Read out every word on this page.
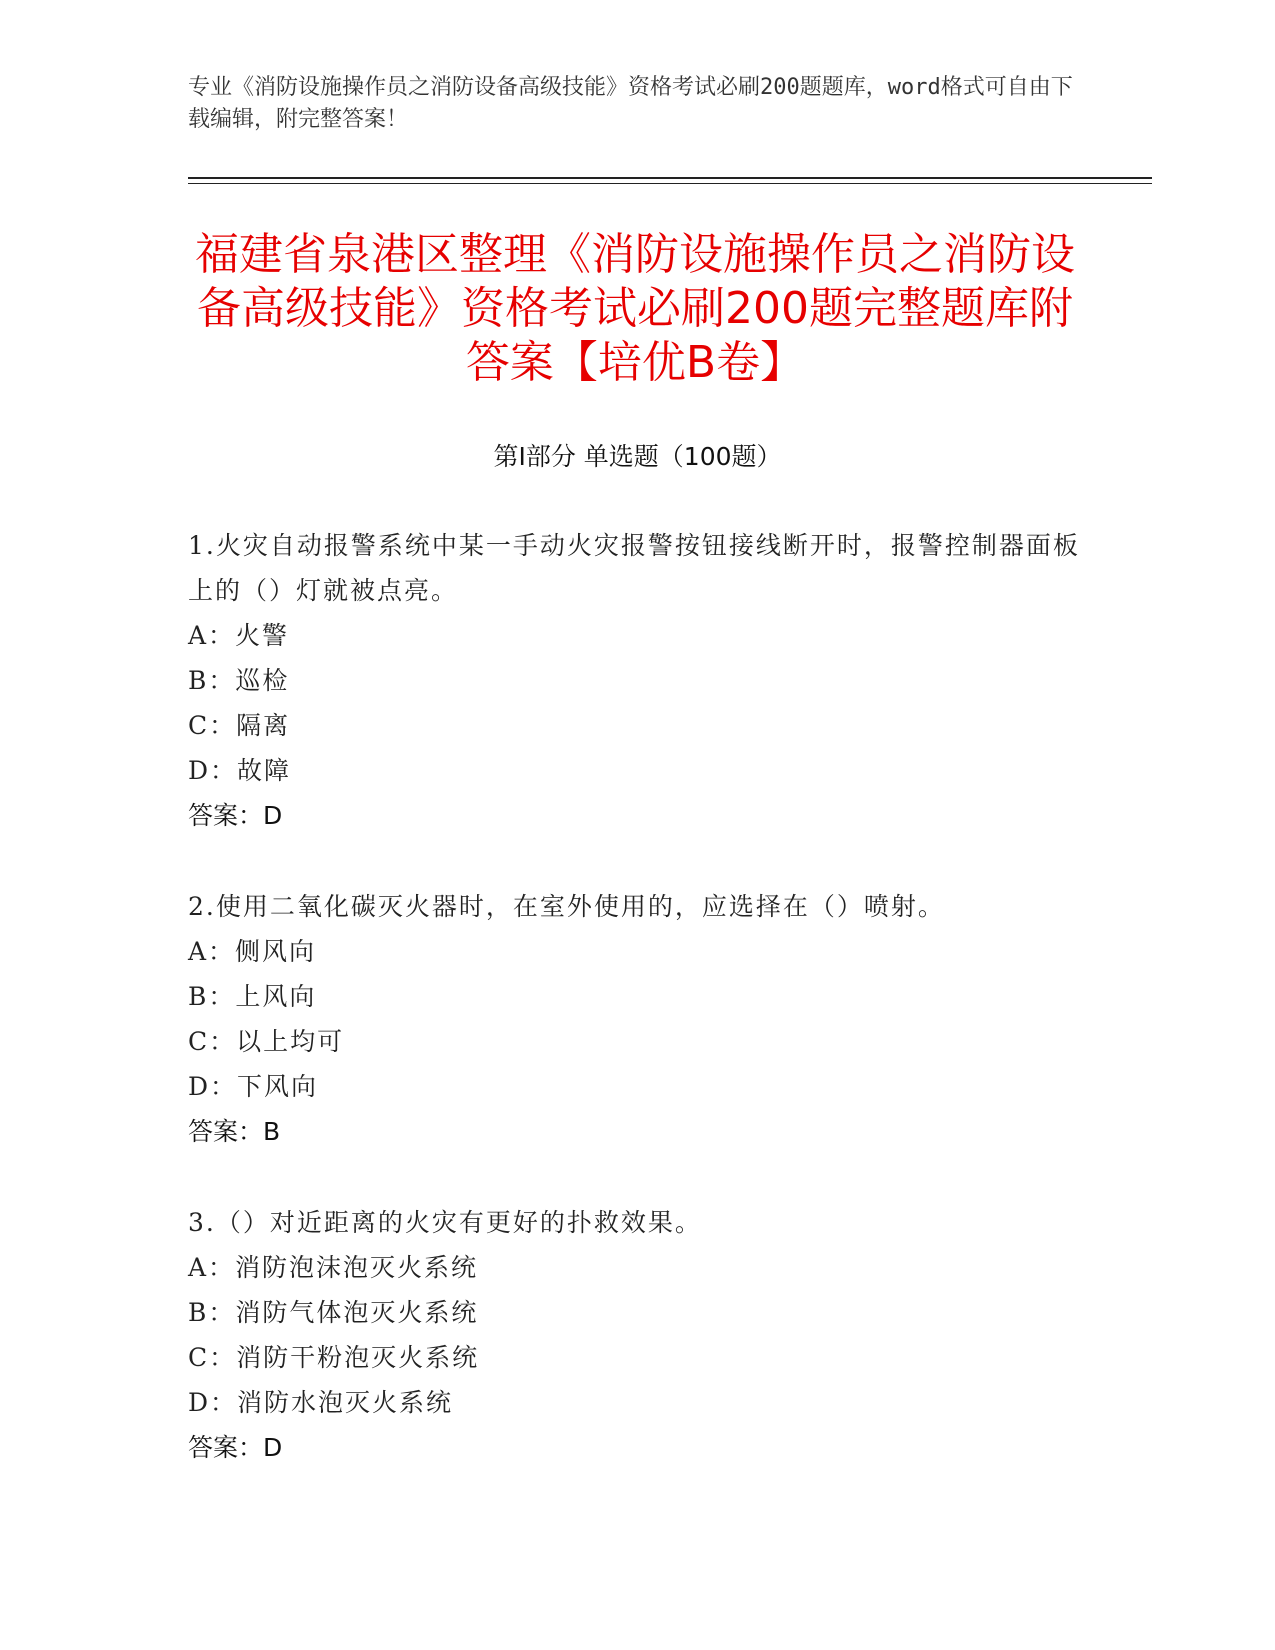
专业《消防设施操作员之消防设备高级技能》资格考试必刷200题题库，word格式可自由下载编辑，附完整答案！
福建省泉港区整理《消防设施操作员之消防设备高级技能》资格考试必刷200题完整题库附答案【培优B卷】
第Ⅰ部分 单选题（100题）
1.火灾自动报警系统中某一手动火灾报警按钮接线断开时，报警控制器面板上的（）灯就被点亮。
A：火警
B：巡检
C：隔离
D：故障
答案：D
2.使用二氧化碳灭火器时，在室外使用的，应选择在（）喷射。
A：侧风向
B：上风向
C：以上均可
D：下风向
答案：B
3.（）对近距离的火灾有更好的扑救效果。
A：消防泡沫泡灭火系统
B：消防气体泡灭火系统
C：消防干粉泡灭火系统
D：消防水泡灭火系统
答案：D
